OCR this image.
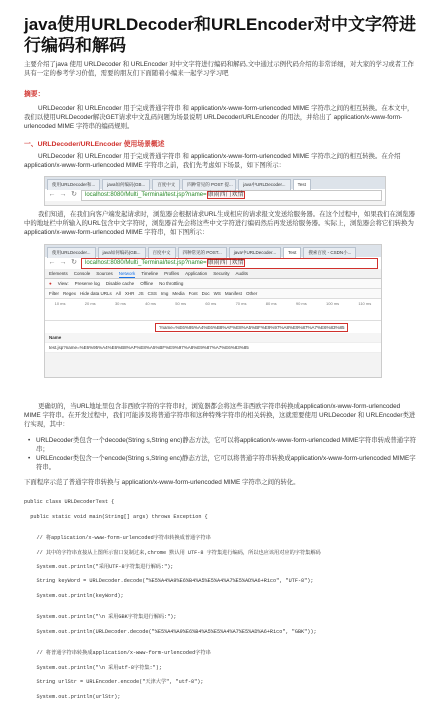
java使用URLDecoder和URLEncoder对中文字符进行编码和解码
主要介绍了java 使用 URLDecoder 和 URLEncoder 对中文字符进行编码和解码,文中通过示例代码介绍的非常详细，对大家的学习或者工作具有一定的参考学习价值，需要的朋友们下面随着小编来一起学习学习吧
摘要：
URLDecoder 和 URLEncoder 用于完成普通字符串 和 application/x-www-form-urlencoded MIME 字符串之间的相互转换。在本文中，我们以使用URLDecoder解决GET请求中文乱码问题为场景说明 URLDecoder/URLEncoder 的用法，并给出了 application/x-www-form-urlencoded MIME 字符串的编码规则。
一、URLDecoder/URLEncoder 使用场景概述
URLDecoder 和 URLEncoder 用于完成普通字符串 和 application/x-www-form-urlencoded MIME 字符串之间的相互转换。在介绍 application/x-www-form-urlencoded MIME 字符串之前，我们先考虑如下场景，如下图所示：
使用URLDecoder和...	java如何编码(GB...	百度中文	四种常见的 POST 提...	java中URLDecoder...	Test
← → ↻	localhost:8080/Multi_Terminal/test.jsp?name=康雨西门欢情
我们知道，在我们向客户端发起请求时，浏览器会根据请求URL生成相应的请求报文发送给服务器。在这个过程中，如果我们在浏览器中的地址栏中所输入的URL包含中文字符时，浏览器首先会将这些中文字符进行编码然后再发送给服务器。实际上，浏览器会将它们转换为 application/x-www-form-urlencoded MIME 字符串，如下图所示：
使用URLDecoder...	java如何编码(GB...	百度中文	四种常见的 POST...	java中URLDecoder...	Test	搜索百度 - CSDN小...
← → ↻	localhost:8080/Multi_Terminal/test.jsp?name=康雨西门欢情
Elements Console Sources Network Timeline Profiles Application Security Audits
● View: Preserve log Disable cache Offline No throttling
Filter Regex Hide data URLs All XHR JS CSS Img Media Font Doc WS Manifest Other
10 ms	20 ms	30 ms	40 ms	50 ms	60 ms	70 ms	80 ms	90 ms	100 ms	110 ms
?name=%E6%95%A4%E6%B8%AF%E8%A5%BF%E9%97%A8%E9%87%A7%E6%83%85
Name
test.jsp?name=%E6%95%A4%E6%B8%AF%E8%A5%BF%E9%97%A8%E9%87%A7%E6%83%85
更确切的，当URL地址里包含非西欧字符的字符串时，浏览器都会将这些非西欧字符串转换成application/x-www-form-urlencoded MIME 字符串。在开发过程中，我们可能涉及将普通字符串和这种特殊字符串的相关转换，这就需要使用 URLDecoder 和 URLEncoder类进行实现，其中：
• URLDecoder类包含一个decode(String s,String enc)静态方法，它可以将application/x-www-form-urlencoded MIME字符串转成普通字符串；
• URLEncoder类包含一个encode(String s,String enc)静态方法，它可以将普通字符串转换成application/x-www-form-urlencoded MIME字符串。
下面程序示范了普通字符串转换与 application/x-www-form-urlencoded MIME 字符串之间的转化。

public class URLDecoderTest {

public static void main(String[] args) throws Exception {

// 将application/x-www-form-urlencoded字符串转换成普通字符串

// 其中的字符串直接从上图所示窗口复制过来,chrome 默认用 UTF-8 字符集进行编码，所以也应该用对应的字符集解码

System.out.println("采用UTF-8字符集进行解码:");

String keyWord = URLDecoder.decode("%E5%A4%A9%E6%B4%A5%E5%A4%A7%E5%AD%A6+Rico", "UTF-8");

System.out.println(keyWord);

System.out.println("\n 采用GBK字符集进行解码:");

System.out.println(URLDecoder.decode("%E5%A4%A9%E6%B4%A5%E5%A4%A7%E5%AD%A6+Rico", "GBK"));

// 将普通字符串转换成application/x-www-form-urlencoded字符串

System.out.println("\n 采用utf-8字符集:");

String urlStr = URLEncoder.encode("天津大学", "utf-8");

System.out.println(urlStr);
